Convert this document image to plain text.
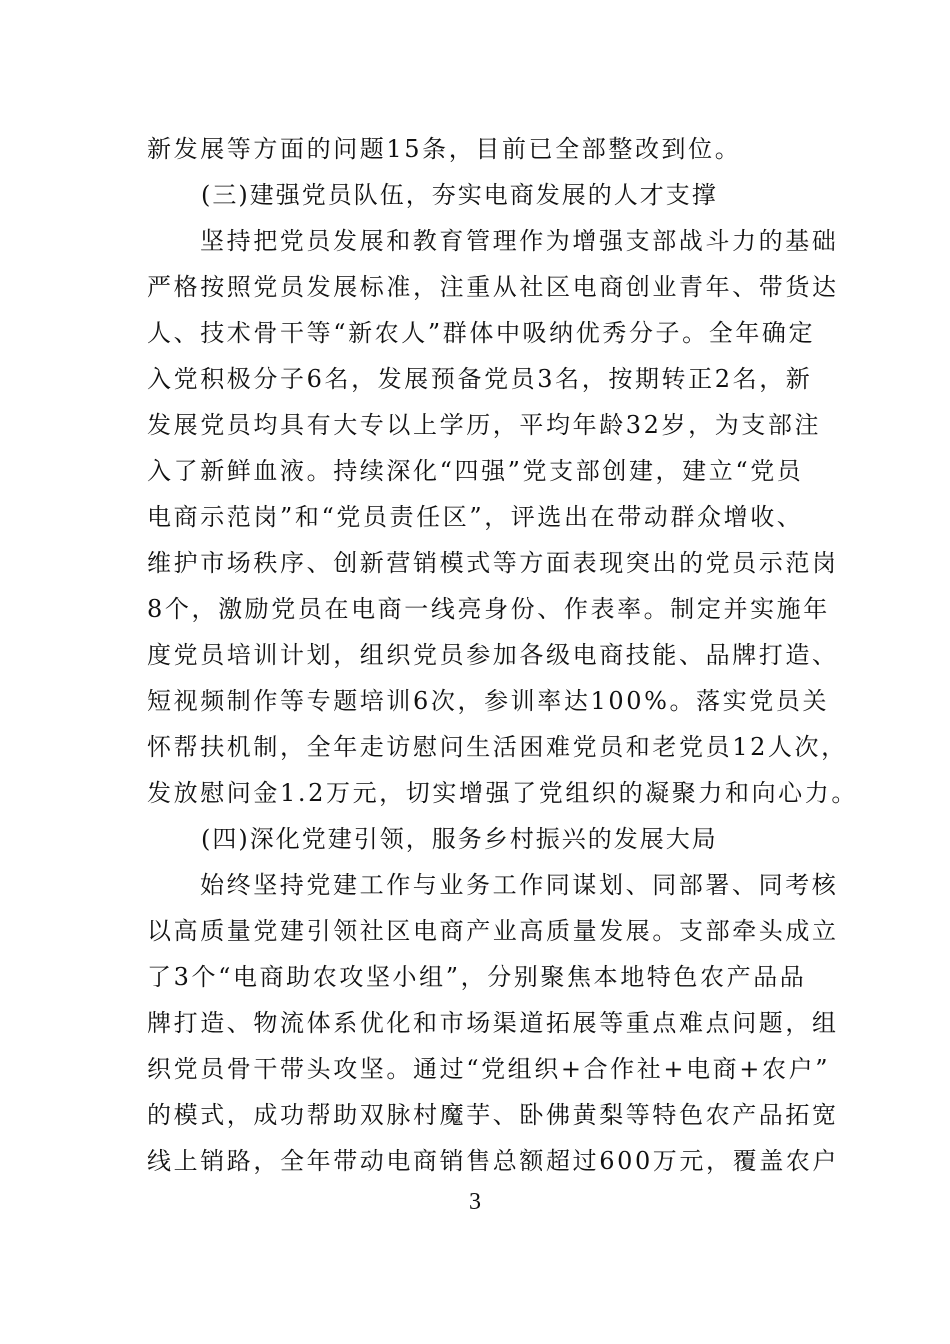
新发展等方面的问题15条，目前已全部整改到位。
(三)建强党员队伍，夯实电商发展的人才支撑
坚持把党员发展和教育管理作为增强支部战斗力的基础
严格按照党员发展标准，注重从社区电商创业青年、带货达
人、技术骨干等“新农人”群体中吸纳优秀分子。全年确定
入党积极分子6名，发展预备党员3名，按期转正2名，新
发展党员均具有大专以上学历，平均年龄32岁，为支部注
入了新鲜血液。持续深化“四强”党支部创建，建立“党员
电商示范岗”和“党员责任区”，评选出在带动群众增收、
维护市场秩序、创新营销模式等方面表现突出的党员示范岗
8个，激励党员在电商一线亮身份、作表率。制定并实施年
度党员培训计划，组织党员参加各级电商技能、品牌打造、
短视频制作等专题培训6次，参训率达100%。落实党员关
怀帮扶机制，全年走访慰问生活困难党员和老党员12人次，
发放慰问金1.2万元，切实增强了党组织的凝聚力和向心力。
(四)深化党建引领，服务乡村振兴的发展大局
始终坚持党建工作与业务工作同谋划、同部署、同考核
以高质量党建引领社区电商产业高质量发展。支部牵头成立
了3个“电商助农攻坚小组”，分别聚焦本地特色农产品品
牌打造、物流体系优化和市场渠道拓展等重点难点问题，组
织党员骨干带头攻坚。通过“党组织+合作社+电商+农户”
的模式，成功帮助双脉村魔芋、卧佛黄梨等特色农产品拓宽
线上销路，全年带动电商销售总额超过600万元，覆盖农户
3
